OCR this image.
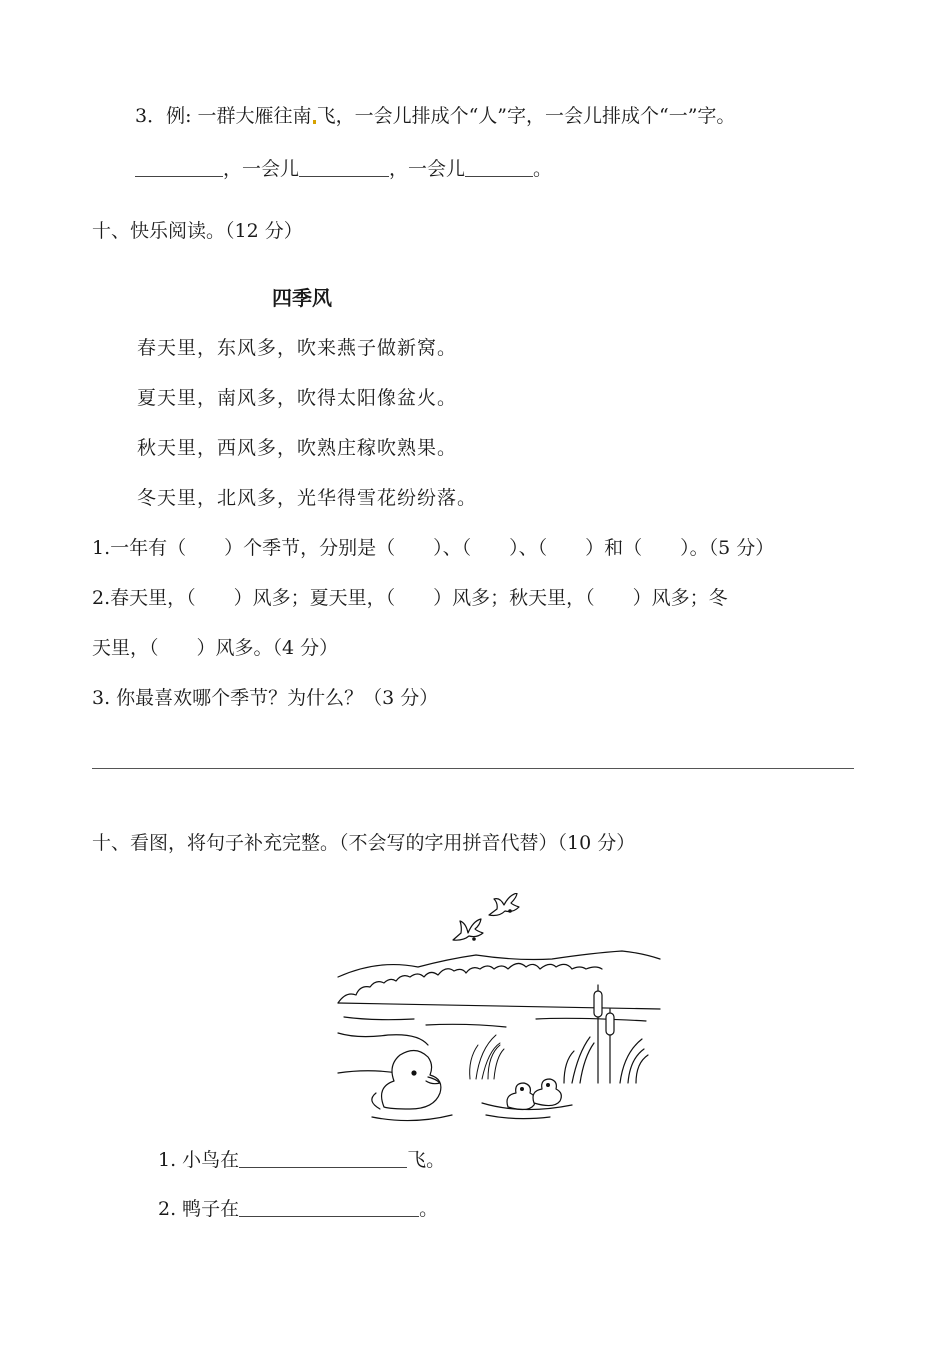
3．例: 一群大雁往南 飞，一会儿排成个“人”字，一会儿排成个“一”字。
，一会儿	，一会儿	。
十、快乐阅读。（12 分）
四季风
春天里，东风多，吹来燕子做新窝。
夏天里，南风多，吹得太阳像盆火。
秋天里，西风多，吹熟庄稼吹熟果。
冬天里，北风多，光华得雪花纷纷落。
1.一年有（　　）个季节，分别是（　　）、（　　）、（　　）和（　　）。（5 分）
2.春天里，（　　）风多；夏天里，（　　）风多；秋天里，（　　）风多；冬
天里，（　　）风多。（4 分）
3. 你最喜欢哪个季节？为什么？（3 分）
十、看图，将句子补充完整。（不会写的字用拼音代替）（10 分）
1. 小鸟在	飞。
2. 鸭子在	。
